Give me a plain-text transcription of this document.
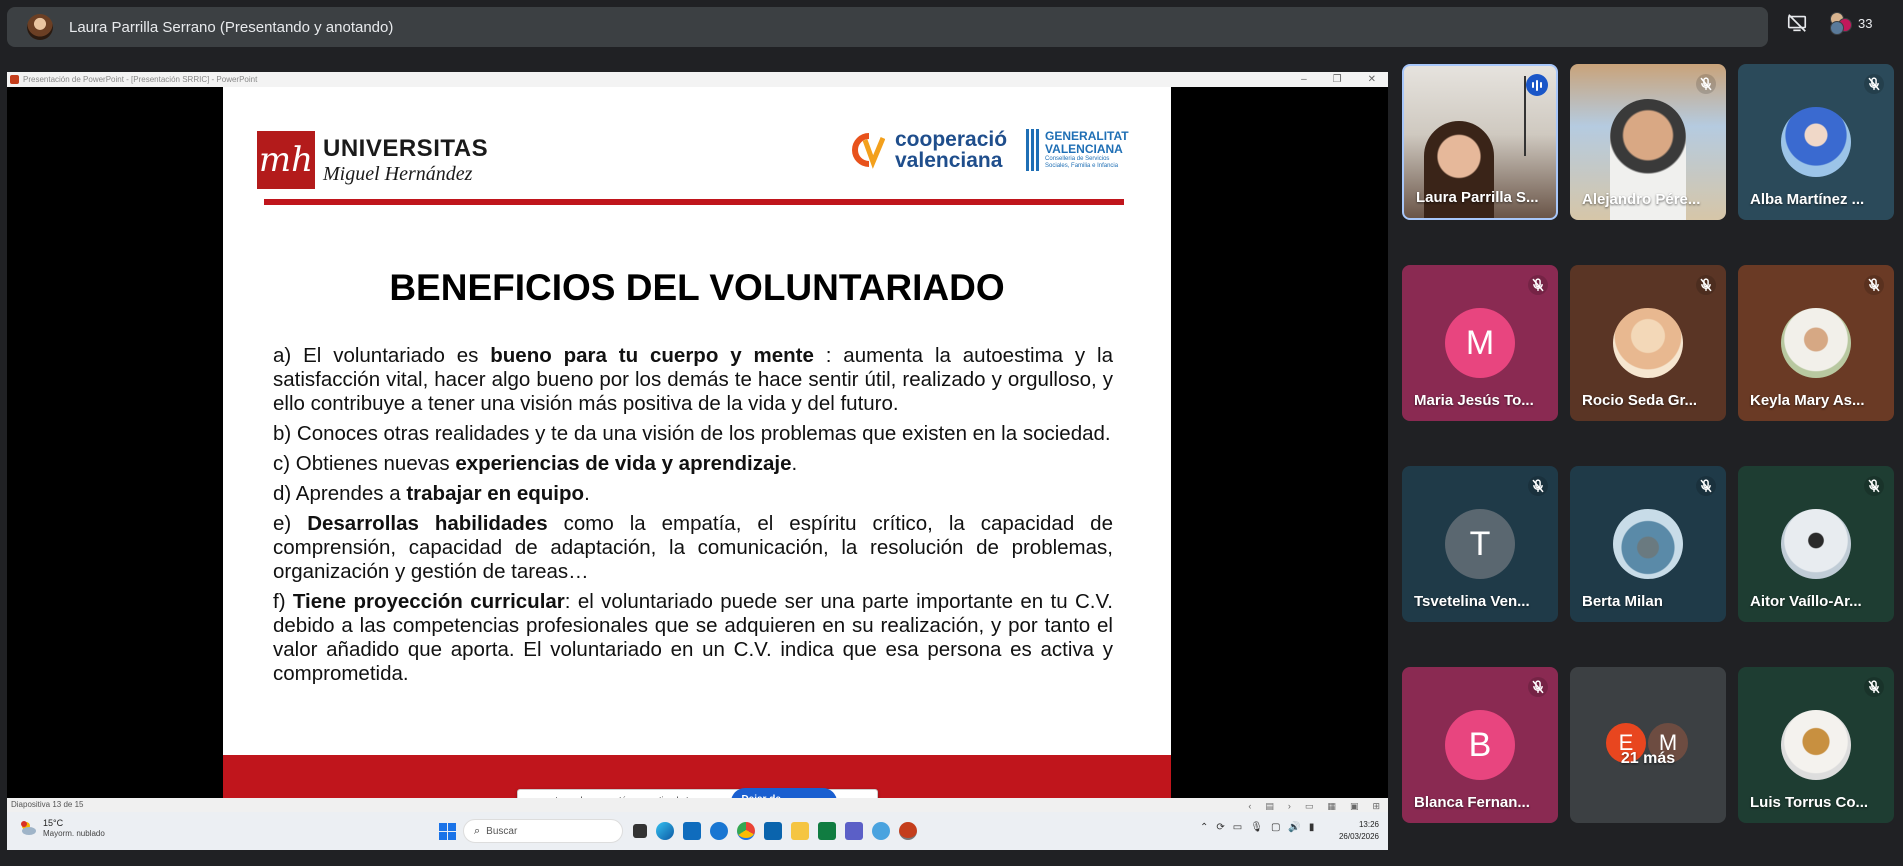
Laura Parrilla Serrano (Presentando y anotando)	33
Presentación de PowerPoint - [Presentación SRRIC] - PowerPoint	–	❐	✕
mh UNIVERSITAS
Miguel Hernández
cooperació
valenciana
GENERALITAT
VALENCIANA
Conselleria de Servicios
Sociales, Familia e Infancia
BENEFICIOS DEL VOLUNTARIADO

a) El voluntariado es bueno para tu cuerpo y mente : aumenta la autoestima y la satisfacción vital, hacer algo bueno por los demás te hace sentir útil, realizado y orgulloso, y ello contribuye a tener una visión más positiva de la vida y del futuro.

b) Conoces otras realidades y te da una visión de los problemas que existen en la sociedad.

c) Obtienes nuevas experiencias de vida y aprendizaje.

d) Aprendes a trabajar en equipo.

e) Desarrollas habilidades como la empatía, el espíritu crítico, la capacidad de comprensión, capacidad de adaptación, la comunicación, la resolución de problemas, organización y gestión de tareas…

f) Tiene proyección curricular: el voluntariado puede ser una parte importante en tu C.V. debido a las competencias profesionales que se adquieren en su realización, y por tanto el valor añadido que aporta. El voluntariado en un C.V. indica que esa persona es activa y comprometida.

Diapositiva 13 de 15	‹ ▤ › ▭ ▦ ▣ ⊞
15°C
Mayorm. nublado	⌕ Buscar	⌃ ⟳ ▭ 🎙 ▢ 🔊 ▮	13:26
26/03/2026
Laura Parrilla S...	Alejandro Pére...	Alba Martínez ...
M
Maria Jesús To...	Rocio Seda Gr...	Keyla Mary As...
T
Tsvetelina Ven...	Berta Milan	Aitor Vaíllo-Ar...
B
Blanca Fernan...
E	M
21 más
Luis Torrus Co...
